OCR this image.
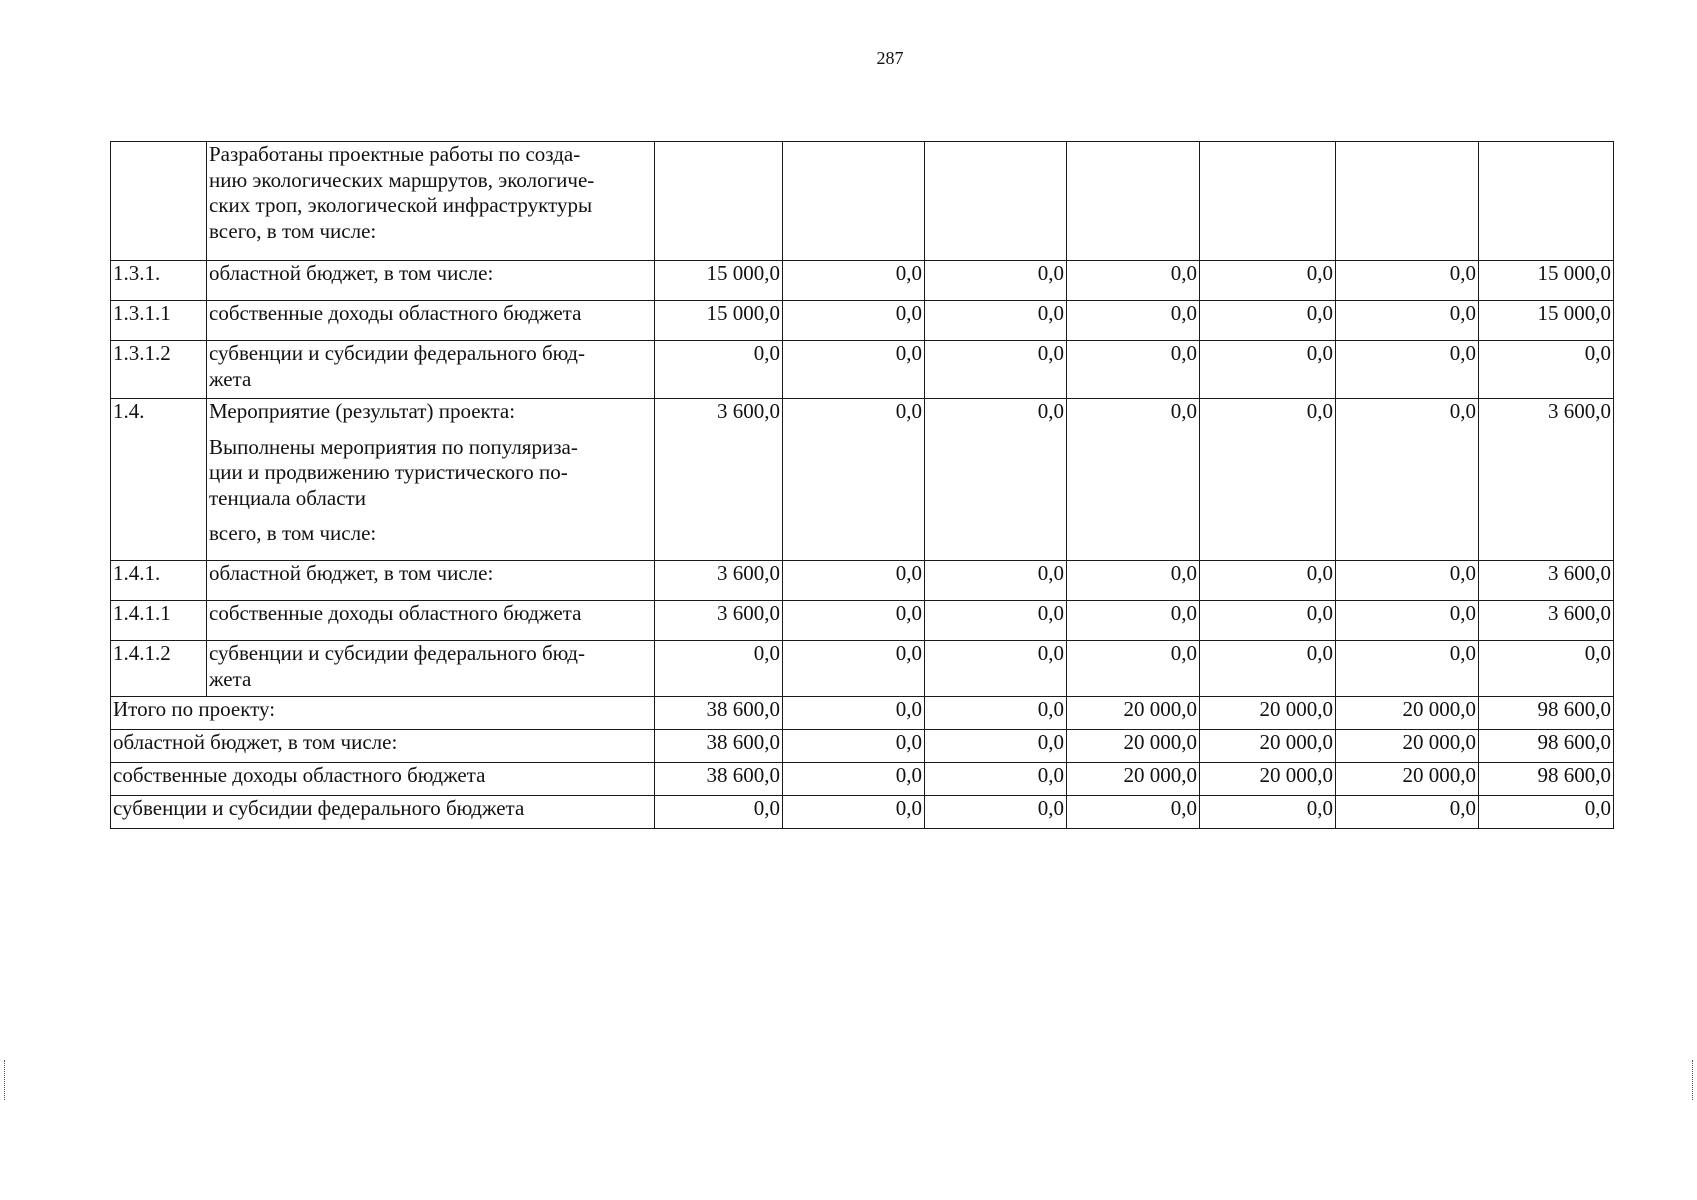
287
	Разработаны проектные работы по созда-
нию экологических маршрутов, экологиче-
ских троп, экологической инфраструктуры
всего, в том числе:							
1.3.1.	областной бюджет, в том числе:	15 000,0	0,0	0,0	0,0	0,0	0,0	15 000,0
1.3.1.1	собственные доходы областного бюджета	15 000,0	0,0	0,0	0,0	0,0	0,0	15 000,0
1.3.1.2	субвенции и субсидии федерального бюд-
жета	0,0	0,0	0,0	0,0	0,0	0,0	0,0
1.4.	Мероприятие (результат) проекта:
Выполнены мероприятия по популяриза-
ции и продвижению туристического по-
тенциала области
всего, в том числе:	3 600,0	0,0	0,0	0,0	0,0	0,0	3 600,0
1.4.1.	областной бюджет, в том числе:	3 600,0	0,0	0,0	0,0	0,0	0,0	3 600,0
1.4.1.1	собственные доходы областного бюджета	3 600,0	0,0	0,0	0,0	0,0	0,0	3 600,0
1.4.1.2	субвенции и субсидии федерального бюд-
жета	0,0	0,0	0,0	0,0	0,0	0,0	0,0
Итого по проекту:		38 600,0	0,0	0,0	20 000,0	20 000,0	20 000,0	98 600,0
областной бюджет, в том числе:		38 600,0	0,0	0,0	20 000,0	20 000,0	20 000,0	98 600,0
собственные доходы областного бюджета		38 600,0	0,0	0,0	20 000,0	20 000,0	20 000,0	98 600,0
субвенции и субсидии федерального бюджета		0,0	0,0	0,0	0,0	0,0	0,0	0,0
